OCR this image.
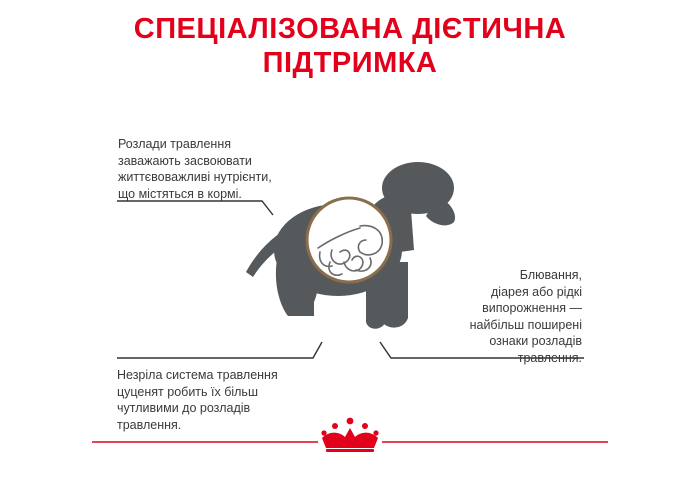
СПЕЦІАЛІЗОВАНА ДІЄТИЧНА
ПІДТРИМКА
Розлади травлення
заважають засвоювати
життєвоважливі нутрієнти,
що містяться в кормі.
Блювання,
діарея або рідкі
випорожнення —
найбільш поширені
ознаки розладів
травлення.
Незріла система травлення
цуценят робить їх більш
чутливими до розладів
травлення.
